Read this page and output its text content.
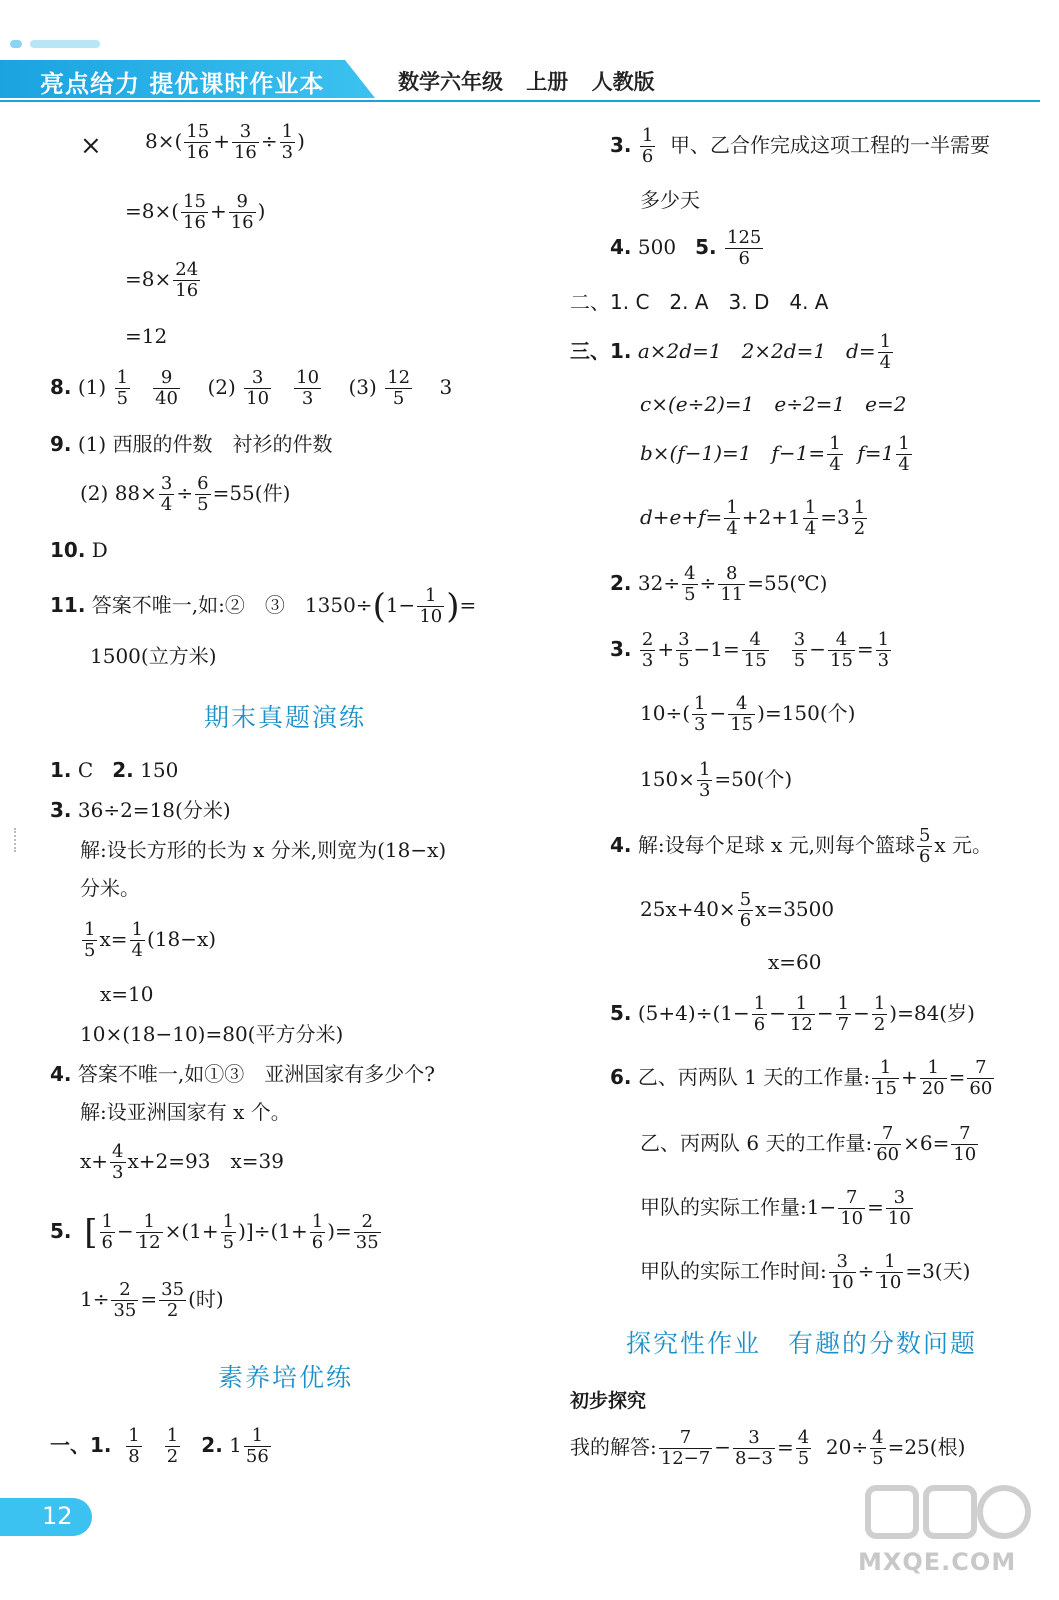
亮点给力 提优课时作业本	数学六年级 上册 人教版
× $8\times( \frac{15}{16} + \frac{3}{16} \div \frac{1}{3}$ )
$=8\times( \frac{15}{16} + \frac{9}{16}$ )
$=8\times \frac{24}{16}$
=12
8. $(1) \frac{1}{5}$
$\frac{9}{40} (2) \frac{3}{10}$
$\frac{10}{3} (3) \frac{12}{5} 3$
9. (1) 西服的件数　衬衫的件数
(2) $88\times \frac{3}{4} \div \frac{6}{5} =55$(件)
10. D
11. 答案不唯一,如:②　③　$1350\div(1- \frac{1}{10}$ )=
1500(立方米)
期末真题演练
1. C 2. 150
3. 36÷2=18(分米)
解:设长方形的长为 x 分米,则宽为(18−x)
分米。
$\frac{1}{5} x= \frac{1}{4} (18-x)$
x=10
10×(18−10)=80(平方分米)
4. 答案不唯一,如①③　亚洲国家有多少个?
解:设亚洲国家有 x 个。
$x+ \frac{4}{3} x+2=93$　x=39
5. [ $\frac{1}{6} - \frac{1}{12} \times(1+ \frac{1}{5} )]\div(1+ \frac{1}{6}$ )= $\frac{2}{35}$
$1\div \frac{2}{35} = \frac{35}{2}$ (时)
素养培优练
一、1. $\frac{1}{8}$
$\frac{1}{2} 2$. $1 \frac{1}{56}$
3. $\frac{1}{6}$ 甲、乙合作完成这项工程的一半需要
多少天
4. 500 5. $\frac{125}{6}$
二、1. C　2. A　3. D　4. A
三、1. a×2d=1　2×2d=1　$d= \frac{1}{4}$
c×(e÷2)=1　e÷2=1　e=2
b×(f−1)=1　$f-1= \frac{1}{4} f=1 \frac{1}{4}$
$d+e+f= \frac{1}{4} +2+1 \frac{1}{4} =3 \frac{1}{2}$
2. $32\div \frac{4}{5} \div \frac{8}{11}$ =55(℃)
3. $\frac{2}{3} + \frac{3}{5} -1= \frac{4}{15}$
$\frac{3}{5} - \frac{4}{15} = \frac{1}{3}$
$10\div( \frac{1}{3} - \frac{4}{15} )=150$(个)
$150\times \frac{1}{3} =50$(个)
4. 解:设每个足球 x 元,则每个篮球 $\frac{5}{6}$ x 元。
$25x+40\times \frac{5}{6} x=3500$
x=60
5. $(5+4)\div(1- \frac{1}{6} - \frac{1}{12} - \frac{1}{7} - \frac{1}{2} )=84$(岁)
6. 乙、丙两队 1 天的工作量: $\frac{1}{15} + \frac{1}{20} = \frac{7}{60}$
乙、丙两队 6 天的工作量: $\frac{7}{60} \times 6= \frac{7}{10}$
甲队的实际工作量:1− $\frac{7}{10} = \frac{3}{10}$
甲队的实际工作时间: $\frac{3}{10} \div \frac{1}{10} =3$(天)
探究性作业　有趣的分数问题
初步探究
我的解答: $\frac{7}{12-7} - \frac{3}{8-3} = \frac{4}{5} 20\div \frac{4}{5} =25$(根)
12
MXQE.COM
